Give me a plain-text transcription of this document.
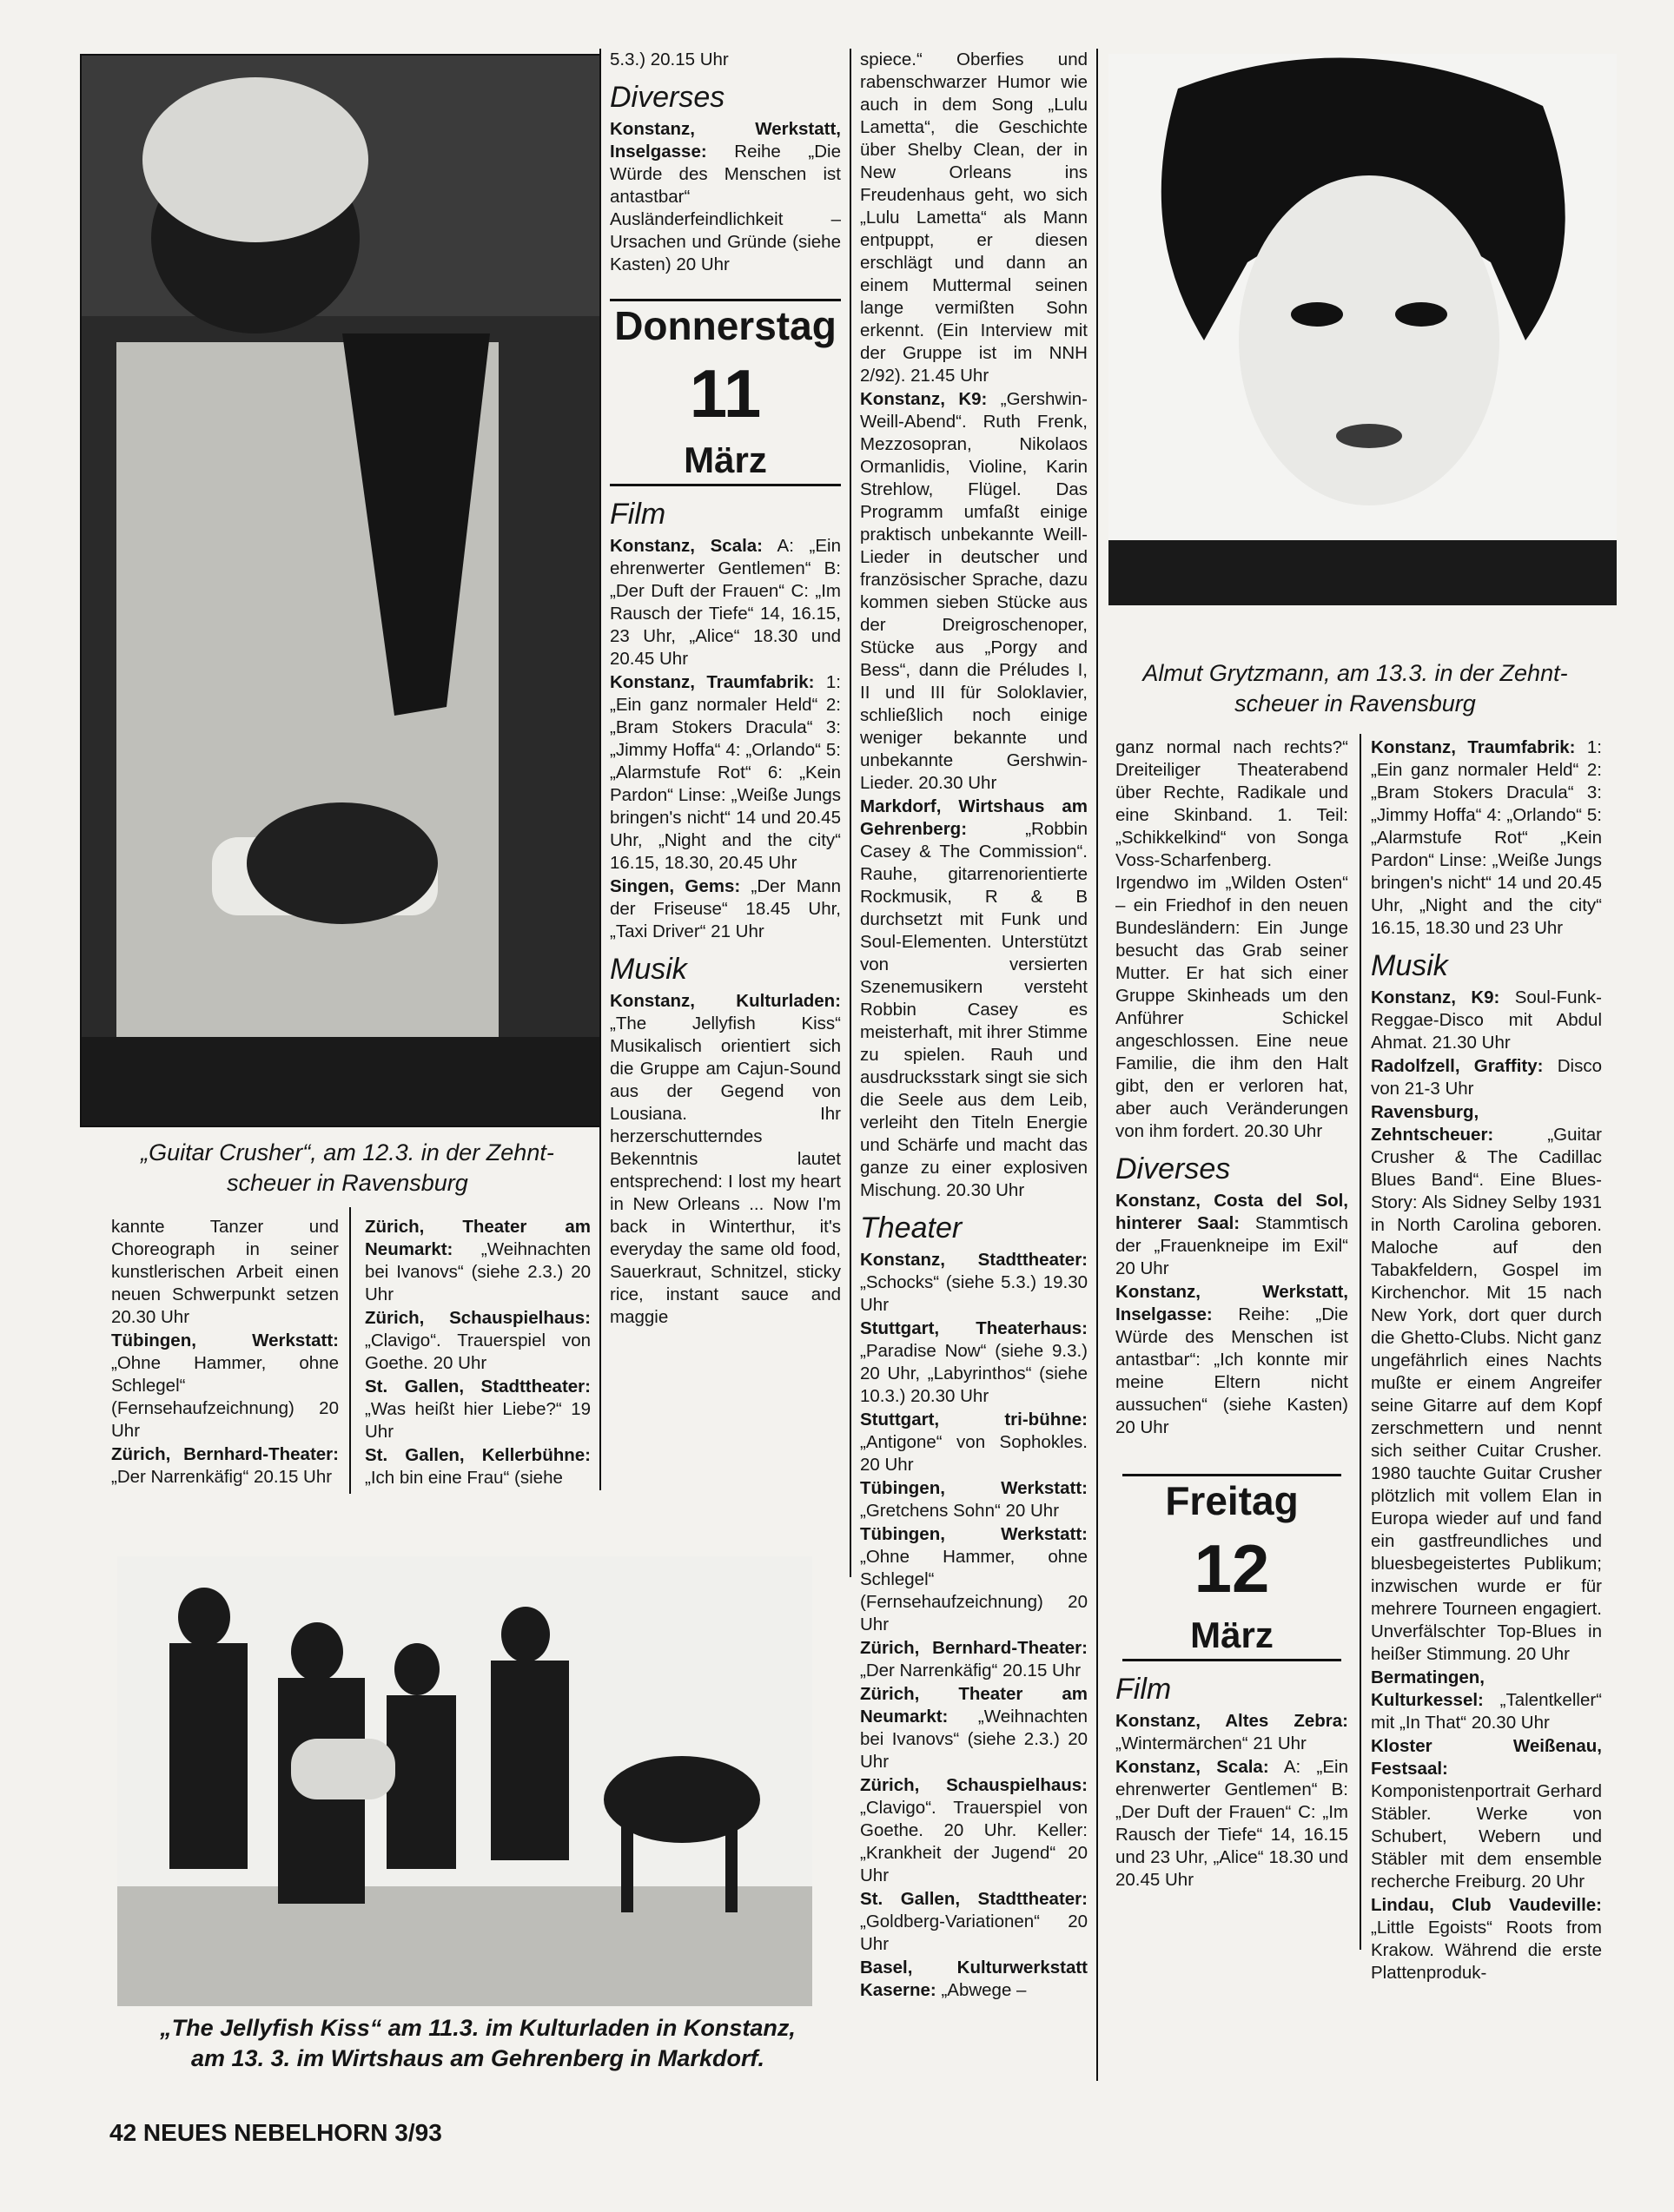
„Guitar Crusher“, am 12.3. in der Zehnt-scheuer in Ravensburg
Almut Grytzmann, am 13.3. in der Zehnt-scheuer in Ravensburg
„The Jellyfish Kiss“ am 11.3. im Kulturladen in Konstanz, am 13. 3. im Wirtshaus am Gehrenberg in Markdorf.

kannte Tanzer und Choreograph in seiner kunstlerischen Arbeit einen neuen Schwerpunkt setzen 20.30 Uhr

Tübingen, Werkstatt: „Ohne Hammer, ohne Schlegel“ (Fernsehaufzeichnung) 20 Uhr

Zürich, Bernhard-Theater: „Der Narrenkäfig“ 20.15 Uhr

Zürich, Theater am Neumarkt: „Weihnachten bei Ivanovs“ (siehe 2.3.) 20 Uhr

Zürich, Schauspielhaus: „Clavigo“. Trauerspiel von Goethe. 20 Uhr

St. Gallen, Stadttheater: „Was heißt hier Liebe?“ 19 Uhr

St. Gallen, Kellerbühne: „Ich bin eine Frau“ (siehe

5.3.) 20.15 Uhr

Diverses

Konstanz, Werkstatt, Inselgasse: Reihe „Die Würde des Menschen ist antastbar“ Ausländerfeindlichkeit – Ursachen und Gründe (siehe Kasten) 20 Uhr

Donnerstag
11
März
Film

Konstanz, Scala: A: „Ein ehrenwerter Gentlemen“ B: „Der Duft der Frauen“ C: „Im Rausch der Tiefe“ 14, 16.15, 23 Uhr, „Alice“ 18.30 und 20.45 Uhr

Konstanz, Traumfabrik: 1: „Ein ganz normaler Held“ 2: „Bram Stokers Dracula“ 3: „Jimmy Hoffa“ 4: „Orlando“ 5: „Alarmstufe Rot“ 6: „Kein Pardon“ Linse: „Weiße Jungs bringen's nicht“ 14 und 20.45 Uhr, „Night and the city“ 16.15, 18.30, 20.45 Uhr

Singen, Gems: „Der Mann der Friseuse“ 18.45 Uhr, „Taxi Driver“ 21 Uhr

Musik

Konstanz, Kulturladen: „The Jellyfish Kiss“ Musikalisch orientiert sich die Gruppe am Cajun-Sound aus der Gegend von Lousiana. Ihr herzerschutterndes Bekenntnis lautet entsprechend: I lost my heart in New Orleans ... Now I'm back in Winterthur, it's everyday the same old food, Sauerkraut, Schnitzel, sticky rice, instant sauce and maggie

spiece.“ Oberfies und rabenschwarzer Humor wie auch in dem Song „Lulu Lametta“, die Geschichte über Shelby Clean, der in New Orleans ins Freudenhaus geht, wo sich „Lulu Lametta“ als Mann entpuppt, er diesen erschlägt und dann an einem Muttermal seinen lange vermißten Sohn erkennt. (Ein Interview mit der Gruppe ist im NNH 2/92). 21.45 Uhr

Konstanz, K9: „Gershwin-Weill-Abend“. Ruth Frenk, Mezzosopran, Nikolaos Ormanlidis, Violine, Karin Strehlow, Flügel. Das Programm umfaßt einige praktisch unbekannte Weill-Lieder in deutscher und französischer Sprache, dazu kommen sieben Stücke aus der Dreigroschenoper, Stücke aus „Porgy and Bess“, dann die Préludes I, II und III für Soloklavier, schließlich noch einige weniger bekannte und unbekannte Gershwin-Lieder. 20.30 Uhr

Markdorf, Wirtshaus am Gehrenberg: „Robbin Casey & The Commission“. Rauhe, gitarrenorientierte Rockmusik, R & B durchsetzt mit Funk und Soul-Elementen. Unterstützt von versierten Szenemusikern versteht Robbin Casey es meisterhaft, mit ihrer Stimme zu spielen. Rauh und ausdrucksstark singt sie sich die Seele aus dem Leib, verleiht den Titeln Energie und Schärfe und macht das ganze zu einer explosiven Mischung. 20.30 Uhr

Theater

Konstanz, Stadttheater: „Schocks“ (siehe 5.3.) 19.30 Uhr

Stuttgart, Theaterhaus: „Paradise Now“ (siehe 9.3.) 20 Uhr, „Labyrinthos“ (siehe 10.3.) 20.30 Uhr

Stuttgart, tri-bühne: „Antigone“ von Sophokles. 20 Uhr

Tübingen, Werkstatt: „Gretchens Sohn“ 20 Uhr

Tübingen, Werkstatt: „Ohne Hammer, ohne Schlegel“ (Fernsehaufzeichnung) 20 Uhr

Zürich, Bernhard-Theater: „Der Narrenkäfig“ 20.15 Uhr

Zürich, Theater am Neumarkt: „Weihnachten bei Ivanovs“ (siehe 2.3.) 20 Uhr

Zürich, Schauspielhaus: „Clavigo“. Trauerspiel von Goethe. 20 Uhr. Keller: „Krankheit der Jugend“ 20 Uhr

St. Gallen, Stadttheater: „Goldberg-Variationen“ 20 Uhr

Basel, Kulturwerkstatt Kaserne: „Abwege –

ganz normal nach rechts?“ Dreiteiliger Theaterabend über Rechte, Radikale und eine Skinband. 1. Teil: „Schikkelkind“ von Songa Voss-Scharfenberg. Irgendwo im „Wilden Osten“ – ein Friedhof in den neuen Bundesländern: Ein Junge besucht das Grab seiner Mutter. Er hat sich einer Gruppe Skinheads um den Anführer Schickel angeschlossen. Eine neue Familie, die ihm den Halt gibt, den er verloren hat, aber auch Veränderungen von ihm fordert. 20.30 Uhr

Diverses

Konstanz, Costa del Sol, hinterer Saal: Stammtisch der „Frauenkneipe im Exil“ 20 Uhr

Konstanz, Werkstatt, Inselgasse: Reihe: „Die Würde des Menschen ist antastbar“: „Ich konnte mir meine Eltern nicht aussuchen“ (siehe Kasten) 20 Uhr

Freitag
12
März
Film

Konstanz, Altes Zebra: „Wintermärchen“ 21 Uhr

Konstanz, Scala: A: „Ein ehrenwerter Gentlemen“ B: „Der Duft der Frauen“ C: „Im Rausch der Tiefe“ 14, 16.15 und 23 Uhr, „Alice“ 18.30 und 20.45 Uhr

Konstanz, Traumfabrik: 1: „Ein ganz normaler Held“ 2: „Bram Stokers Dracula“ 3: „Jimmy Hoffa“ 4: „Orlando“ 5: „Alarmstufe Rot“ „Kein Pardon“ Linse: „Weiße Jungs bringen's nicht“ 14 und 20.45 Uhr, „Night and the city“ 16.15, 18.30 und 23 Uhr

Musik

Konstanz, K9: Soul-Funk-Reggae-Disco mit Abdul Ahmat. 21.30 Uhr

Radolfzell, Graffity: Disco von 21-3 Uhr

Ravensburg, Zehntscheuer: „Guitar Crusher & The Cadillac Blues Band“. Eine Blues-Story: Als Sidney Selby 1931 in North Carolina geboren. Maloche auf den Tabakfeldern, Gospel im Kirchenchor. Mit 15 nach New York, dort quer durch die Ghetto-Clubs. Nicht ganz ungefährlich eines Nachts mußte er einem Angreifer seine Gitarre auf dem Kopf zerschmettern und nennt sich seither Cuitar Crusher. 1980 tauchte Guitar Crusher plötzlich mit vollem Elan in Europa wieder auf und fand ein gastfreundliches und bluesbegeistertes Publikum; inzwischen wurde er für mehrere Tourneen engagiert. Unverfälschter Top-Blues in heißer Stimmung. 20 Uhr

Bermatingen, Kulturkessel: „Talentkeller“ mit „In That“ 20.30 Uhr

Kloster Weißenau, Festsaal: Komponistenportrait Gerhard Stäbler. Werke von Schubert, Webern und Stäbler mit dem ensemble recherche Freiburg. 20 Uhr

Lindau, Club Vaudeville: „Little Egoists“ Roots from Krakow. Während die erste Plattenproduk-

42 NEUES NEBELHORN 3/93
